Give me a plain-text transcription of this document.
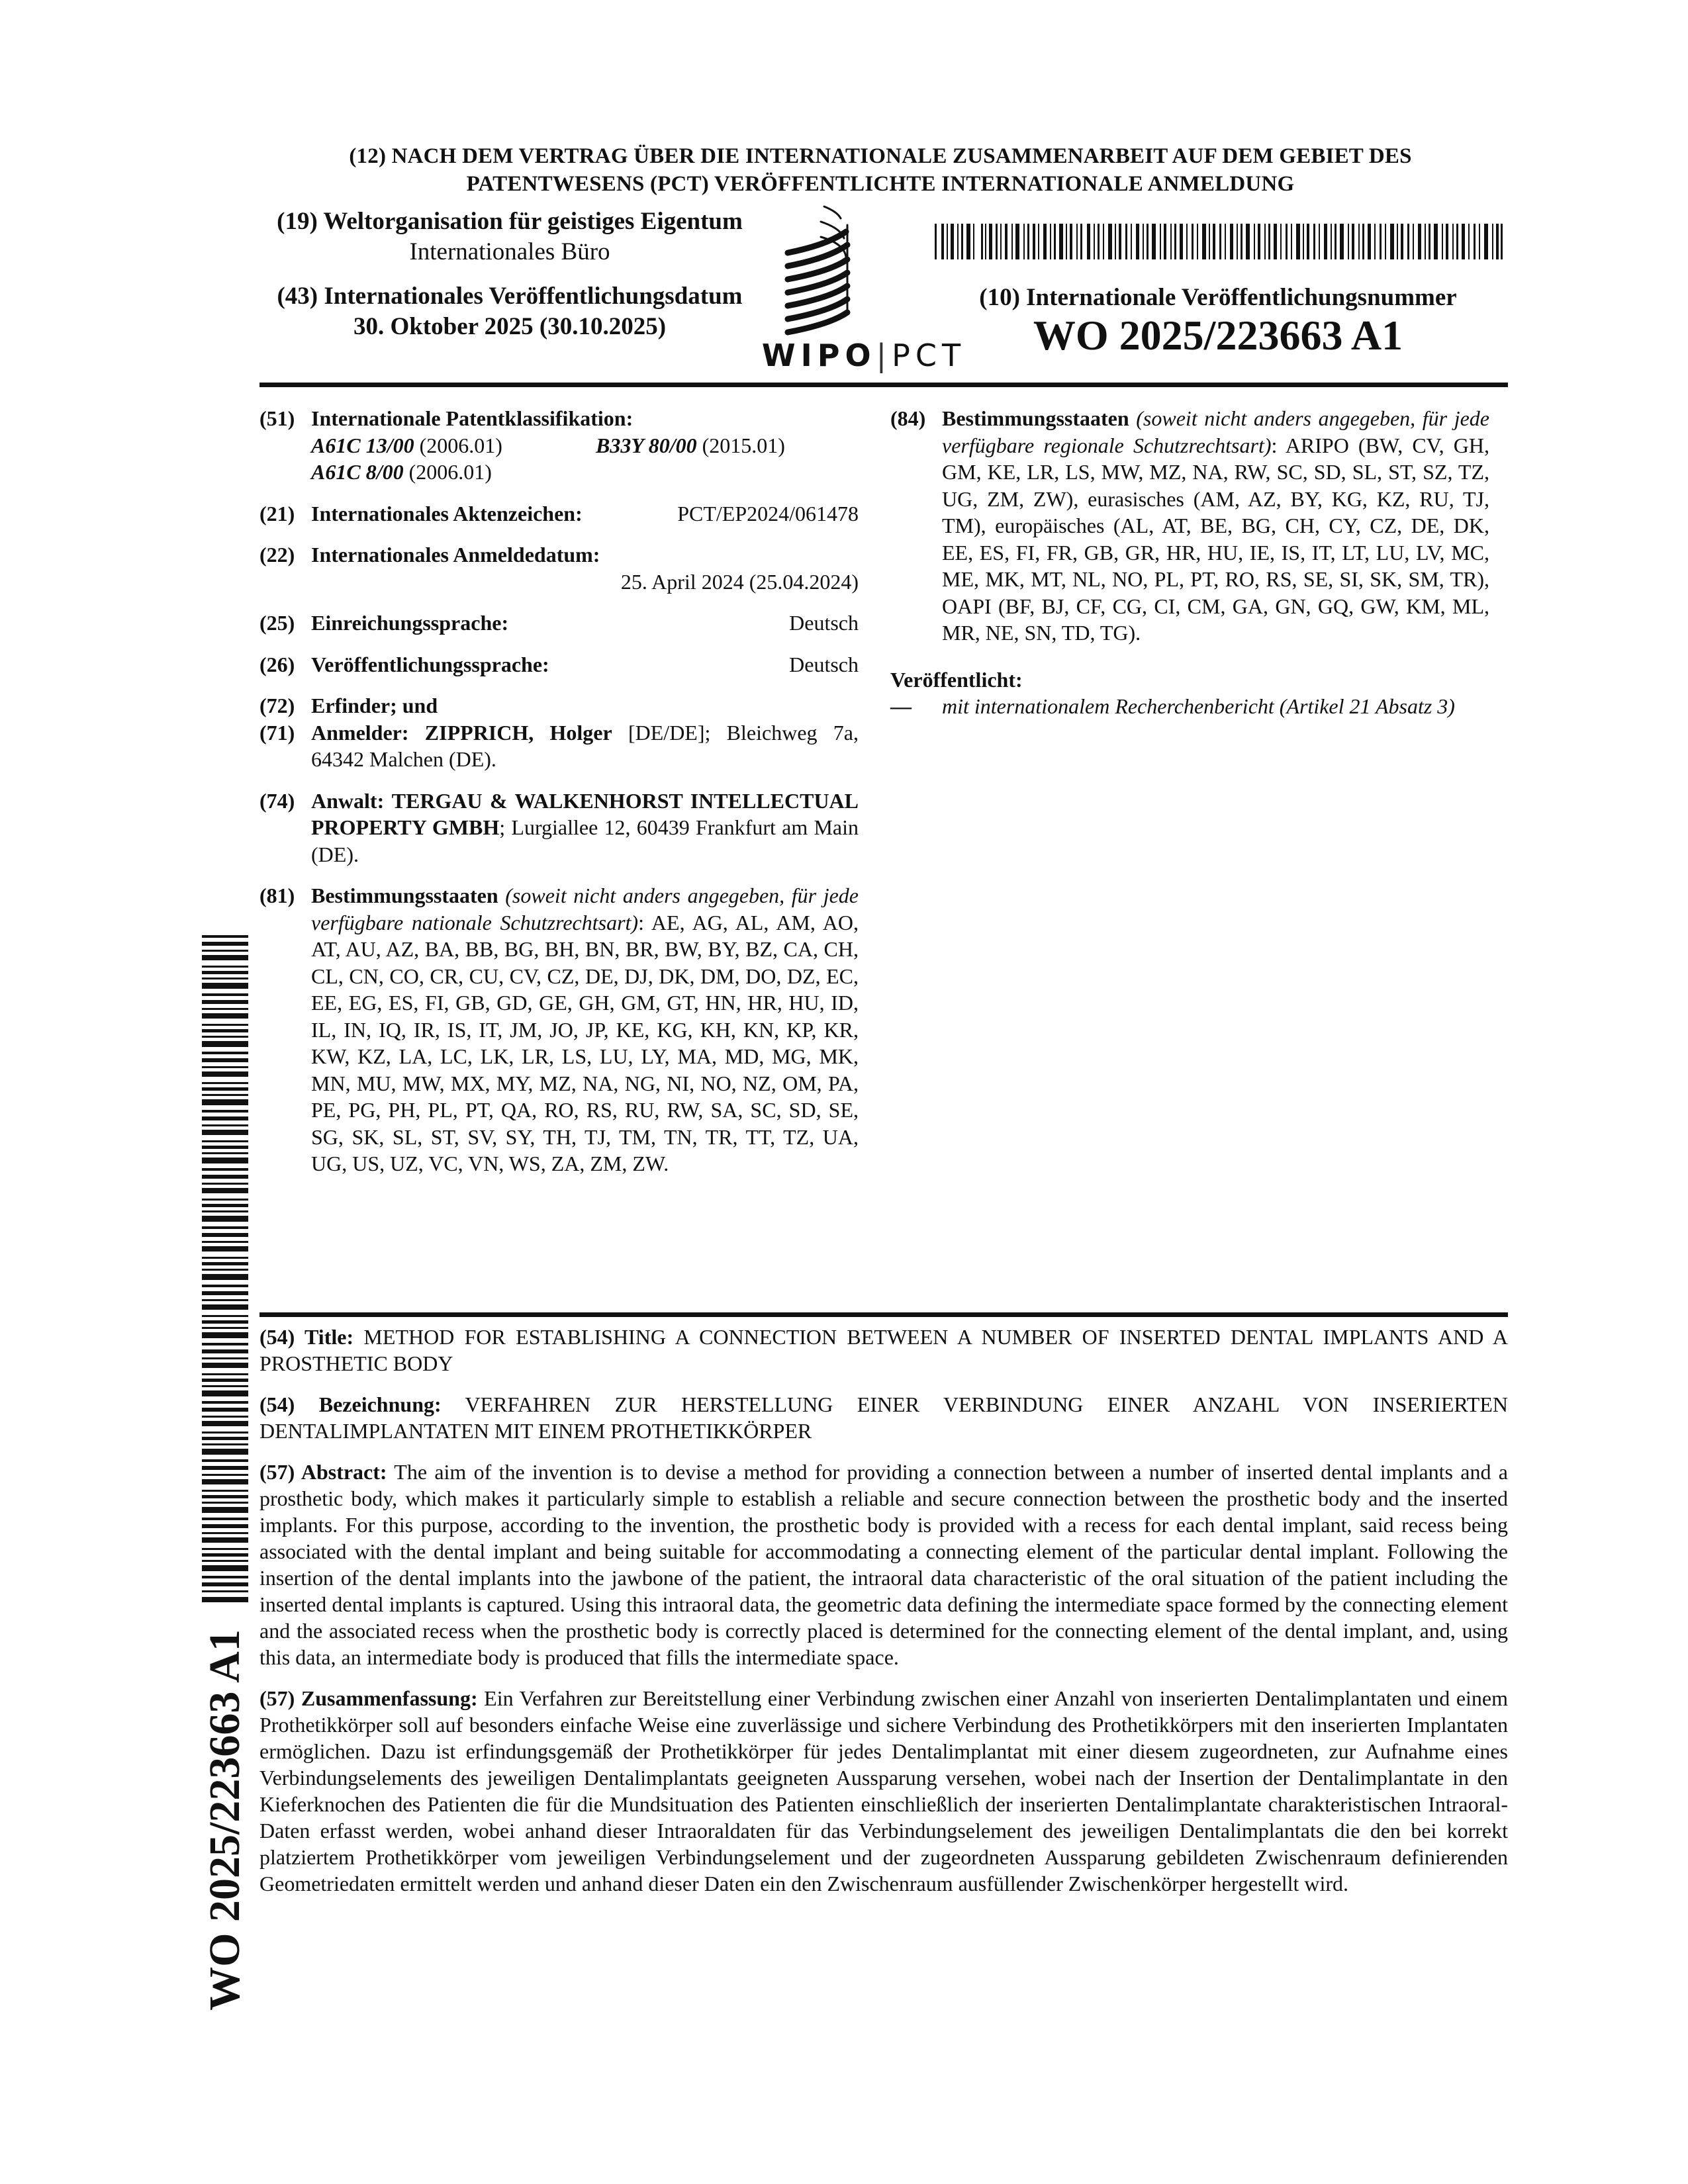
(12) NACH DEM VERTRAG ÜBER DIE INTERNATIONALE ZUSAMMENARBEIT AUF DEM GEBIET DES
PATENTWESENS (PCT) VERÖFFENTLICHTE INTERNATIONALE ANMELDUNG
(19) Weltorganisation für geistiges Eigentum
Internationales Büro
(43) Internationales Veröffentlichungsdatum
30. Oktober 2025 (30.10.2025)
WIPO|PCT
(10) Internationale Veröffentlichungsnummer
WO 2025/223663 A1
(51) Internationale Patentklassifikation:
A61C 13/00 (2006.01)	B33Y 80/00 (2015.01)
A61C 8/00 (2006.01)
(21) Internationales Aktenzeichen:	PCT/EP2024/061478
(22) Internationales Anmeldedatum:
25. April 2024 (25.04.2024)
(25) Einreichungssprache:	Deutsch
(26) Veröffentlichungssprache:	Deutsch
(72) Erfinder; und
(71) Anmelder: ZIPPRICH, Holger [DE/DE]; Bleichweg 7a, 64342 Malchen (DE).
(74) Anwalt: TERGAU & WALKENHORST INTELLECTUAL PROPERTY GMBH; Lurgiallee 12, 60439 Frankfurt am Main (DE).
(81) Bestimmungsstaaten (soweit nicht anders angegeben, für jede verfügbare nationale Schutzrechtsart): AE, AG, AL, AM, AO, AT, AU, AZ, BA, BB, BG, BH, BN, BR, BW, BY, BZ, CA, CH, CL, CN, CO, CR, CU, CV, CZ, DE, DJ, DK, DM, DO, DZ, EC, EE, EG, ES, FI, GB, GD, GE, GH, GM, GT, HN, HR, HU, ID, IL, IN, IQ, IR, IS, IT, JM, JO, JP, KE, KG, KH, KN, KP, KR, KW, KZ, LA, LC, LK, LR, LS, LU, LY, MA, MD, MG, MK, MN, MU, MW, MX, MY, MZ, NA, NG, NI, NO, NZ, OM, PA, PE, PG, PH, PL, PT, QA, RO, RS, RU, RW, SA, SC, SD, SE, SG, SK, SL, ST, SV, SY, TH, TJ, TM, TN, TR, TT, TZ, UA, UG, US, UZ, VC, VN, WS, ZA, ZM, ZW.
(84) Bestimmungsstaaten (soweit nicht anders angegeben, für jede verfügbare regionale Schutzrechtsart): ARIPO (BW, CV, GH, GM, KE, LR, LS, MW, MZ, NA, RW, SC, SD, SL, ST, SZ, TZ, UG, ZM, ZW), eurasisches (AM, AZ, BY, KG, KZ, RU, TJ, TM), europäisches (AL, AT, BE, BG, CH, CY, CZ, DE, DK, EE, ES, FI, FR, GB, GR, HR, HU, IE, IS, IT, LT, LU, LV, MC, ME, MK, MT, NL, NO, PL, PT, RO, RS, SE, SI, SK, SM, TR), OAPI (BF, BJ, CF, CG, CI, CM, GA, GN, GQ, GW, KM, ML, MR, NE, SN, TD, TG).
Veröffentlicht:
—	mit internationalem Recherchenbericht (Artikel 21 Absatz 3)
WO 2025/223663 A1

(54) Title: METHOD FOR ESTABLISHING A CONNECTION BETWEEN A NUMBER OF INSERTED DENTAL IMPLANTS AND A PROSTHETIC BODY

(54) Bezeichnung: VERFAHREN ZUR HERSTELLUNG EINER VERBINDUNG EINER ANZAHL VON INSERIERTEN DENTALIMPLANTATEN MIT EINEM PROTHETIKKÖRPER

(57) Abstract: The aim of the invention is to devise a method for providing a connection between a number of inserted dental implants and a prosthetic body, which makes it particularly simple to establish a reliable and secure connection between the prosthetic body and the inserted implants. For this purpose, according to the invention, the prosthetic body is provided with a recess for each dental implant, said recess being associated with the dental implant and being suitable for accommodating a connecting element of the particular dental implant. Following the insertion of the dental implants into the jawbone of the patient, the intraoral data characteristic of the oral situation of the patient including the inserted dental implants is captured. Using this intraoral data, the geometric data defining the intermediate space formed by the connecting element and the associated recess when the prosthetic body is correctly placed is determined for the connecting element of the dental implant, and, using this data, an intermediate body is produced that fills the intermediate space.

(57) Zusammenfassung: Ein Verfahren zur Bereitstellung einer Verbindung zwischen einer Anzahl von inserierten Dentalimplantaten und einem Prothetikkörper soll auf besonders einfache Weise eine zuverlässige und sichere Verbindung des Prothetikkörpers mit den inserierten Implantaten ermöglichen. Dazu ist erfindungsgemäß der Prothetikkörper für jedes Dentalimplantat mit einer diesem zugeordneten, zur Aufnahme eines Verbindungselements des jeweiligen Dentalimplantats geeigneten Aussparung versehen, wobei nach der Insertion der Dentalimplantate in den Kieferknochen des Patienten die für die Mundsituation des Patienten einschließlich der inserierten Dentalimplantate charakteristischen Intraoral-Daten erfasst werden, wobei anhand dieser Intraoraldaten für das Verbindungselement des jeweiligen Dentalimplantats die den bei korrekt platziertem Prothetikkörper vom jeweiligen Verbindungselement und der zugeordneten Aussparung gebildeten Zwischenraum definierenden Geometriedaten ermittelt werden und anhand dieser Daten ein den Zwischenraum ausfüllender Zwischenkörper hergestellt wird.
